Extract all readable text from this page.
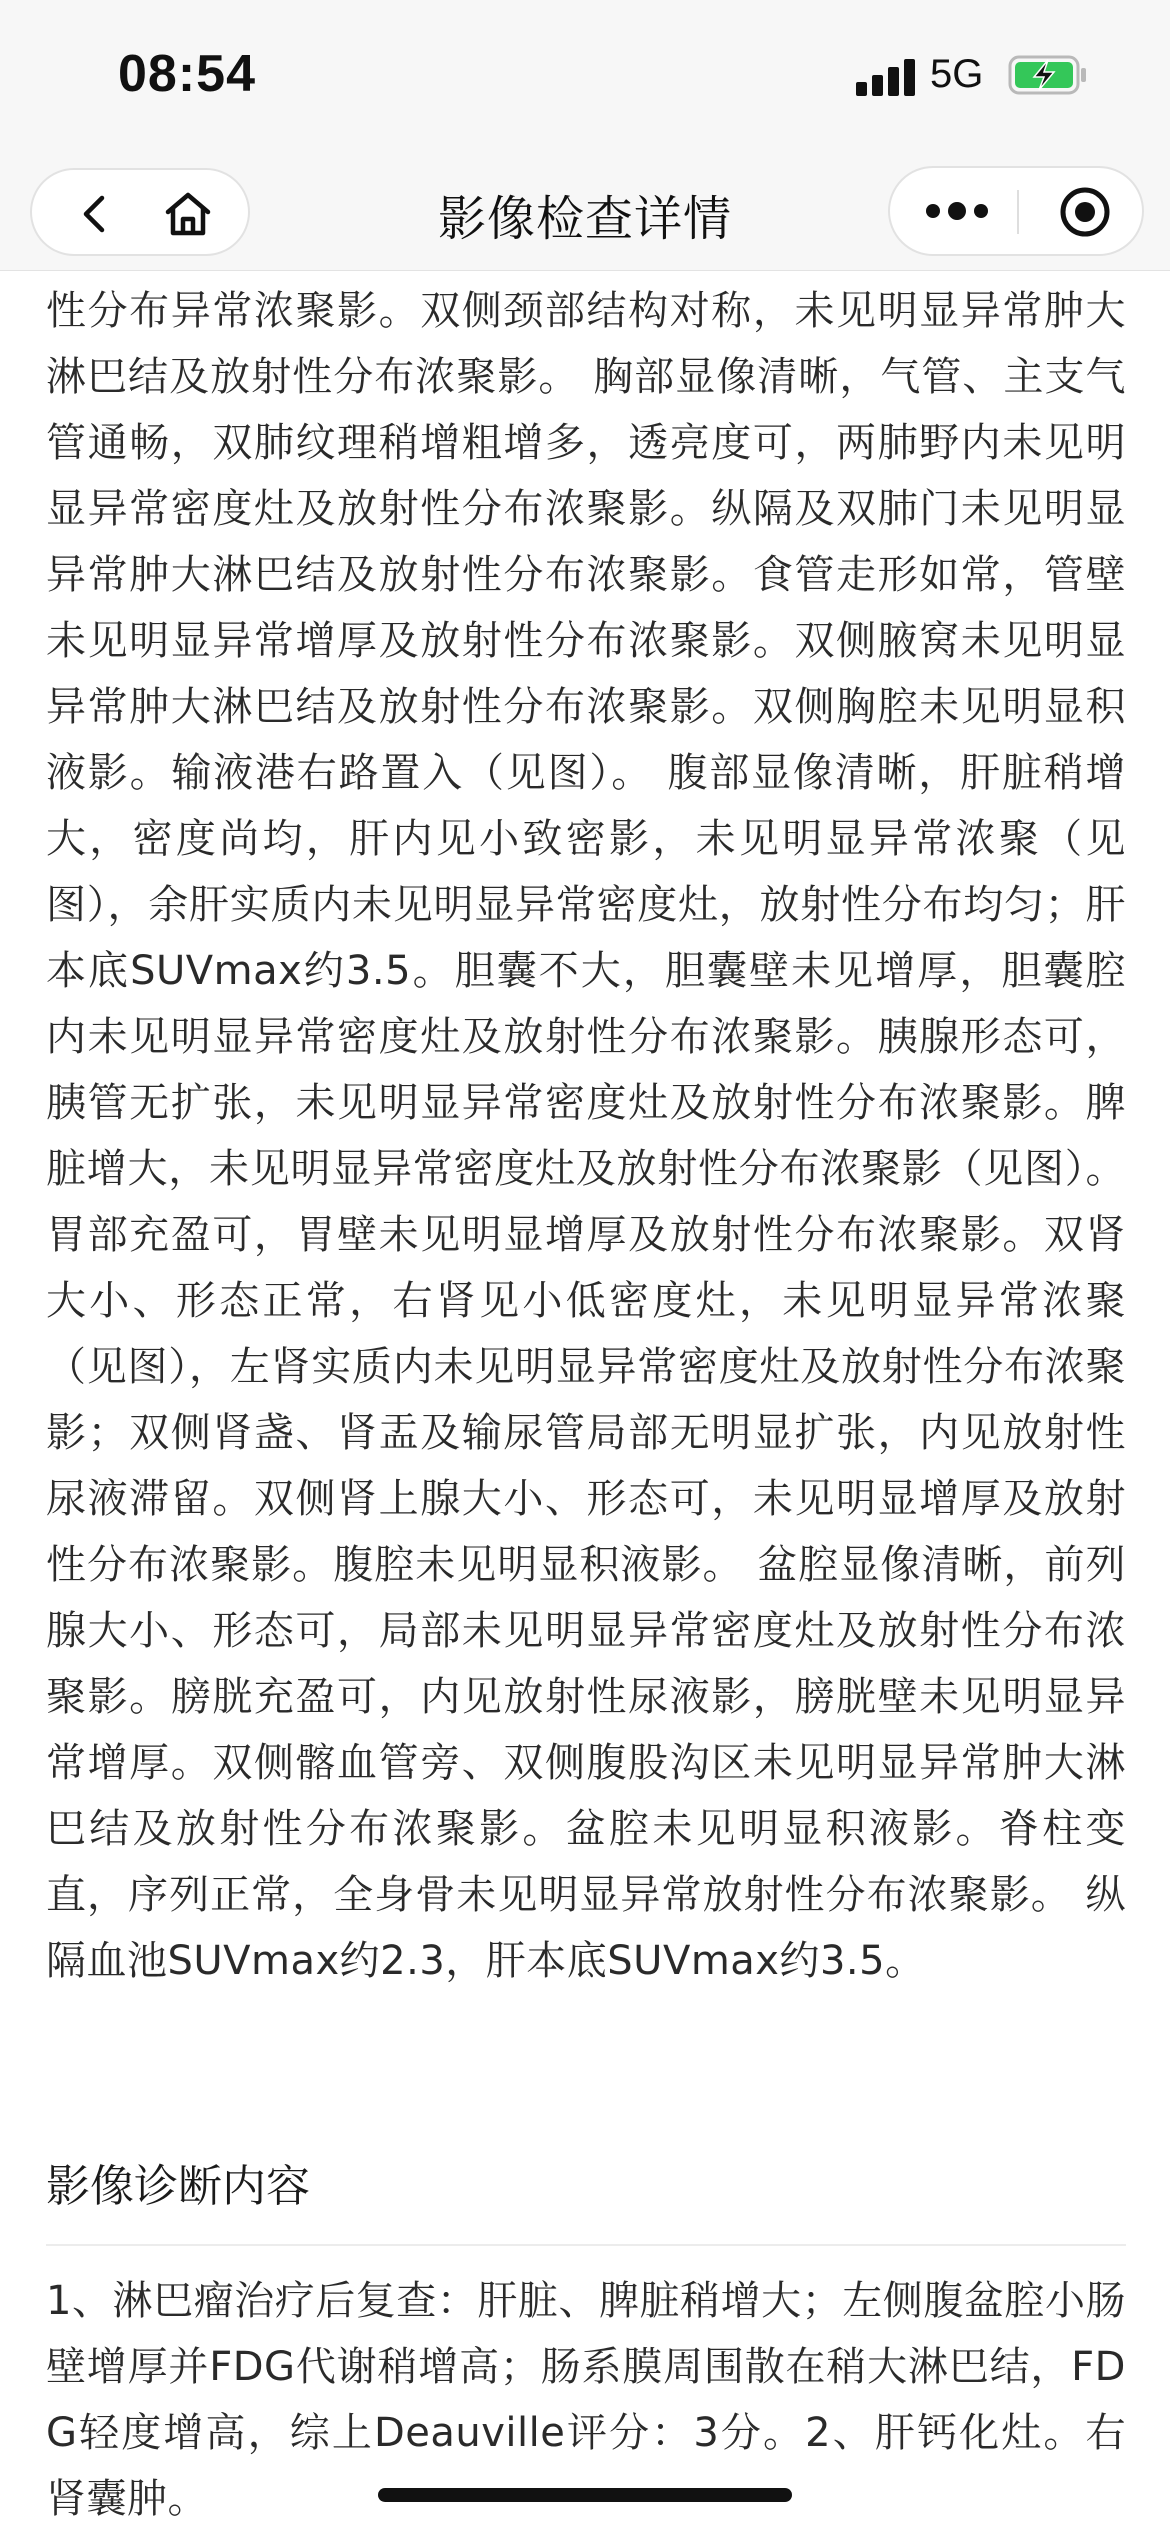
08:54	5G
影像检查详情

性分布异常浓聚影。双侧颈部结构对称，未见明显异常肿大淋巴结及放射性分布浓聚影。 胸部显像清晰，气管、主支气管通畅，双肺纹理稍增粗增多，透亮度可，两肺野内未见明显异常密度灶及放射性分布浓聚影。纵隔及双肺门未见明显异常肿大淋巴结及放射性分布浓聚影。食管走形如常，管壁未见明显异常增厚及放射性分布浓聚影。双侧腋窝未见明显异常肿大淋巴结及放射性分布浓聚影。双侧胸腔未见明显积液影。输液港右路置入（见图）。 腹部显像清晰，肝脏稍增大，密度尚均，肝内见小致密影，未见明显异常浓聚（见图），余肝实质内未见明显异常密度灶，放射性分布均匀；肝本底SUVmax约3.5。胆囊不大，胆囊壁未见增厚，胆囊腔内未见明显异常密度灶及放射性分布浓聚影。胰腺形态可，胰管无扩张，未见明显异常密度灶及放射性分布浓聚影。脾脏增大，未见明显异常密度灶及放射性分布浓聚影（见图）。胃部充盈可，胃壁未见明显增厚及放射性分布浓聚影。双肾大小、形态正常，右肾见小低密度灶，未见明显异常浓聚（见图），左肾实质内未见明显异常密度灶及放射性分布浓聚影；双侧肾盏、肾盂及输尿管局部无明显扩张，内见放射性尿液滞留。双侧肾上腺大小、形态可，未见明显增厚及放射性分布浓聚影。腹腔未见明显积液影。 盆腔显像清晰，前列腺大小、形态可，局部未见明显异常密度灶及放射性分布浓聚影。膀胱充盈可，内见放射性尿液影，膀胱壁未见明显异常增厚。双侧髂血管旁、双侧腹股沟区未见明显异常肿大淋巴结及放射性分布浓聚影。盆腔未见明显积液影。脊柱变直，序列正常，全身骨未见明显异常放射性分布浓聚影。 纵隔血池SUVmax约2.3，肝本底SUVmax约3.5。

影像诊断内容

1、淋巴瘤治疗后复查：肝脏、脾脏稍增大；左侧腹盆腔小肠壁增厚并FDG代谢稍增高；肠系膜周围散在稍大淋巴结，FDG轻度增高，综上Deauville评分：3分。2、肝钙化灶。右肾囊肿。
